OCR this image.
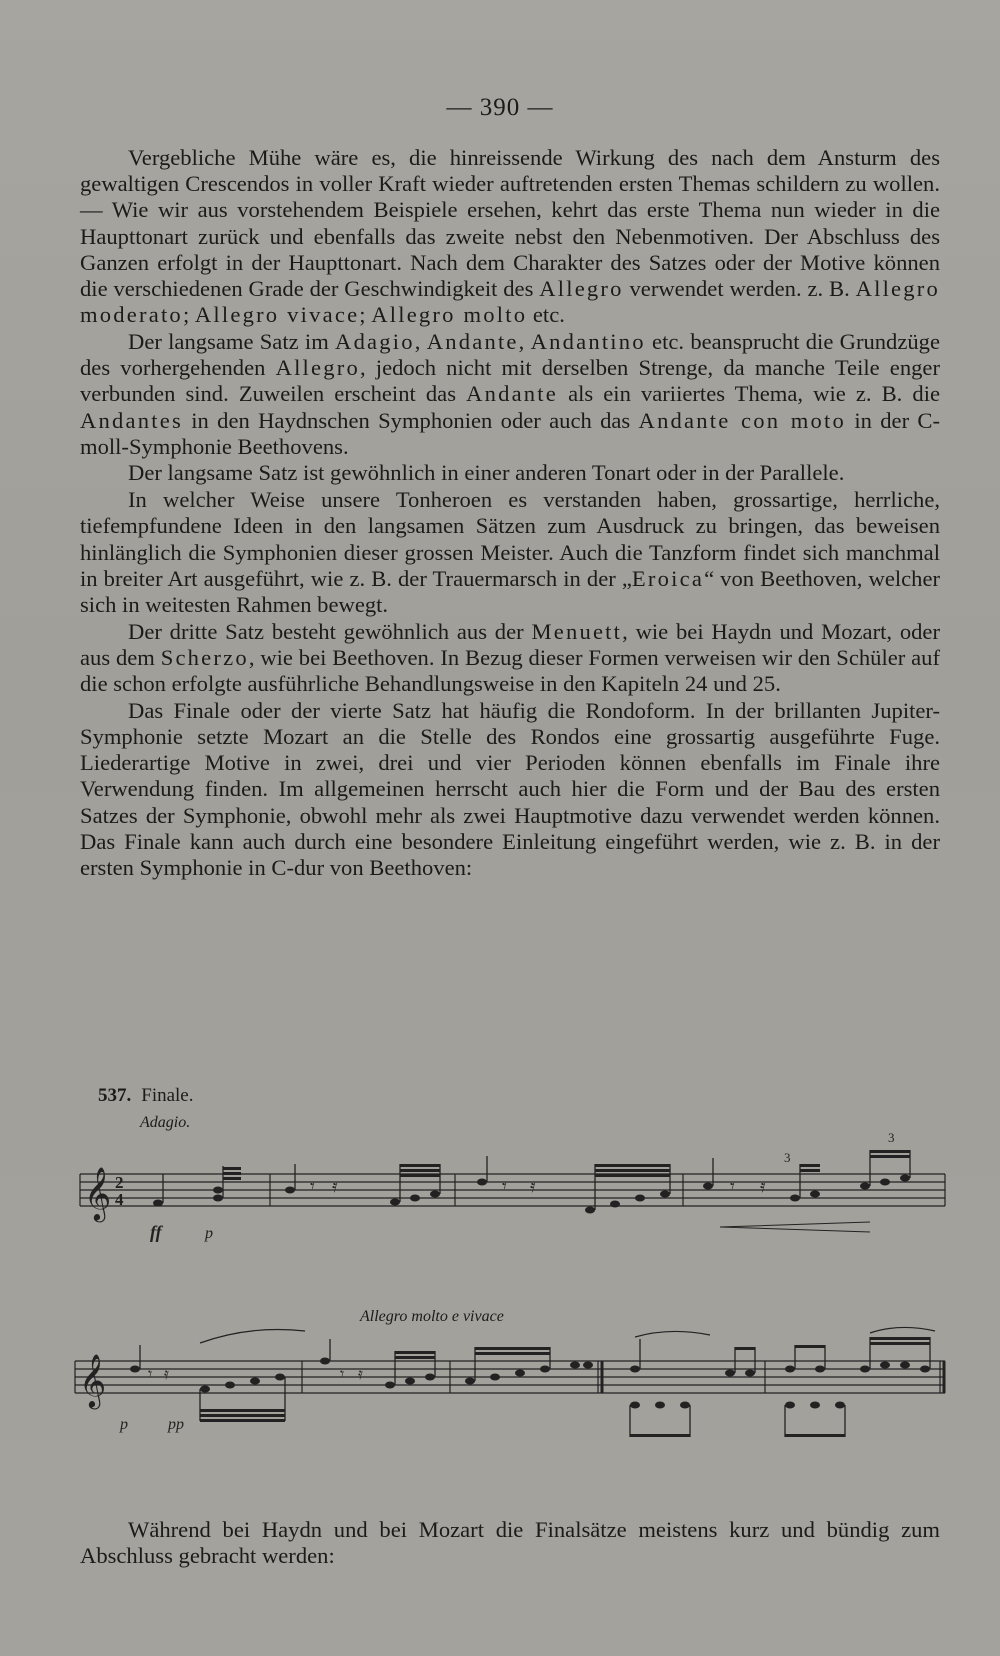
— 390 —

Vergebliche Mühe wäre es, die hinreissende Wirkung des nach dem Ansturm des gewaltigen Crescendos in voller Kraft wieder auftretenden ersten Themas schildern zu wollen. — Wie wir aus vorstehendem Beispiele ersehen, kehrt das erste Thema nun wieder in die Haupttonart zurück und ebenfalls das zweite nebst den Nebenmotiven. Der Abschluss des Ganzen erfolgt in der Haupttonart. Nach dem Charakter des Satzes oder der Motive können die verschiedenen Grade der Geschwindigkeit des Allegro verwendet werden. z. B. Allegro moderato; Allegro vivace; Allegro molto etc.

Der langsame Satz im Adagio, Andante, Andantino etc. beansprucht die Grundzüge des vorhergehenden Allegro, jedoch nicht mit derselben Strenge, da manche Teile enger verbunden sind. Zuweilen erscheint das Andante als ein variiertes Thema, wie z. B. die Andantes in den Haydnschen Symphonien oder auch das Andante con moto in der C-moll-Symphonie Beethovens.

Der langsame Satz ist gewöhnlich in einer anderen Tonart oder in der Parallele.

In welcher Weise unsere Tonheroen es verstanden haben, grossartige, herrliche, tiefempfundene Ideen in den langsamen Sätzen zum Ausdruck zu bringen, das beweisen hinlänglich die Symphonien dieser grossen Meister. Auch die Tanzform findet sich manchmal in breiter Art ausgeführt, wie z. B. der Trauermarsch in der „Eroica“ von Beethoven, welcher sich in weitesten Rahmen bewegt.

Der dritte Satz besteht gewöhnlich aus der Menuett, wie bei Haydn und Mozart, oder aus dem Scherzo, wie bei Beethoven. In Bezug dieser Formen verweisen wir den Schüler auf die schon erfolgte ausführliche Behandlungsweise in den Kapiteln 24 und 25.

Das Finale oder der vierte Satz hat häufig die Rondoform. In der brillanten Jupiter-Symphonie setzte Mozart an die Stelle des Rondos eine grossartig ausgeführte Fuge. Liederartige Motive in zwei, drei und vier Perioden können ebenfalls im Finale ihre Verwendung finden. Im allgemeinen herrscht auch hier die Form und der Bau des ersten Satzes der Symphonie, obwohl mehr als zwei Hauptmotive dazu verwendet werden können. Das Finale kann auch durch eine besondere Einleitung eingeführt werden, wie z. B. in der ersten Symphonie in C-dur von Beethoven:

537. Finale.
Adagio.
Allegro molto e vivace
𝄞 2
4
𝄾 𝄿	𝄾 𝄿	𝄾 𝄿
3
3
ff	p
𝄞	𝄾 𝄿	𝄾 𝄿
p	pp

Während bei Haydn und bei Mozart die Finalsätze meistens kurz und bündig zum Abschluss gebracht werden:
